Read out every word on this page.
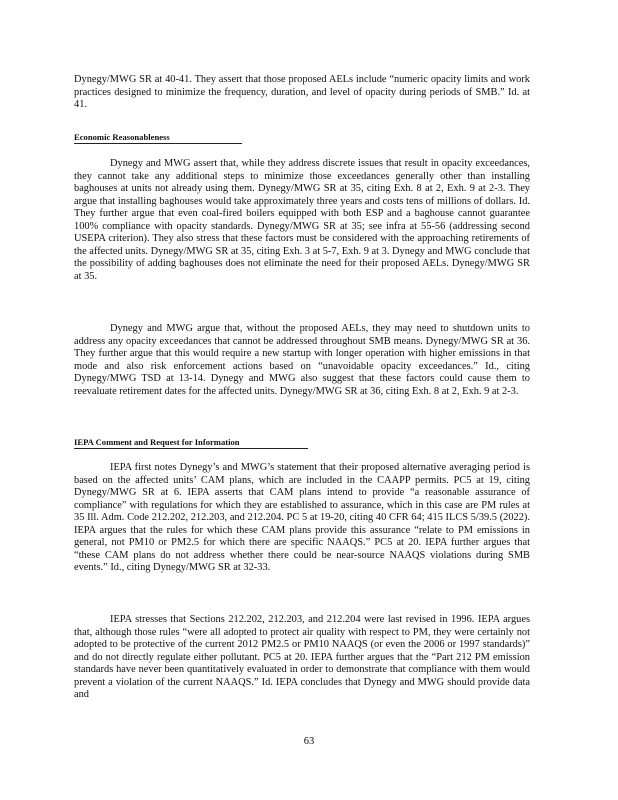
Dynegy/MWG SR at 40-41. They assert that those proposed AELs include “numeric opacity limits and work practices designed to minimize the frequency, duration, and level of opacity during periods of SMB.” Id. at 41.

Economic Reasonableness

Dynegy and MWG assert that, while they address discrete issues that result in opacity exceedances, they cannot take any additional steps to minimize those exceedances generally other than installing baghouses at units not already using them. Dynegy/MWG SR at 35, citing Exh. 8 at 2, Exh. 9 at 2-3. They argue that installing baghouses would take approximately three years and costs tens of millions of dollars. Id. They further argue that even coal-fired boilers equipped with both ESP and a baghouse cannot guarantee 100% compliance with opacity standards. Dynegy/MWG SR at 35; see infra at 55-56 (addressing second USEPA criterion). They also stress that these factors must be considered with the approaching retirements of the affected units. Dynegy/MWG SR at 35, citing Exh. 3 at 5-7, Exh. 9 at 3. Dynegy and MWG conclude that the possibility of adding baghouses does not eliminate the need for their proposed AELs. Dynegy/MWG SR at 35.

Dynegy and MWG argue that, without the proposed AELs, they may need to shutdown units to address any opacity exceedances that cannot be addressed throughout SMB means. Dynegy/MWG SR at 36. They further argue that this would require a new startup with longer operation with higher emissions in that mode and also risk enforcement actions based on “unavoidable opacity exceedances.” Id., citing Dynegy/MWG TSD at 13-14. Dynegy and MWG also suggest that these factors could cause them to reevaluate retirement dates for the affected units. Dynegy/MWG SR at 36, citing Exh. 8 at 2, Exh. 9 at 2-3.

IEPA Comment and Request for Information

IEPA first notes Dynegy’s and MWG’s statement that their proposed alternative averaging period is based on the affected units’ CAM plans, which are included in the CAAPP permits. PC5 at 19, citing Dynegy/MWG SR at 6. IEPA asserts that CAM plans intend to provide “a reasonable assurance of compliance” with regulations for which they are established to assurance, which in this case are PM rules at 35 Ill. Adm. Code 212.202, 212.203, and 212.204. PC 5 at 19-20, citing 40 CFR 64; 415 ILCS 5/39.5 (2022). IEPA argues that the rules for which these CAM plans provide this assurance “relate to PM emissions in general, not PM10 or PM2.5 for which there are specific NAAQS.” PC5 at 20. IEPA further argues that “these CAM plans do not address whether there could be near-source NAAQS violations during SMB events.” Id., citing Dynegy/MWG SR at 32-33.

IEPA stresses that Sections 212.202, 212.203, and 212.204 were last revised in 1996. IEPA argues that, although those rules “were all adopted to protect air quality with respect to PM, they were certainly not adopted to be protective of the current 2012 PM2.5 or PM10 NAAQS (or even the 2006 or 1997 standards)” and do not directly regulate either pollutant. PC5 at 20. IEPA further argues that the “Part 212 PM emission standards have never been quantitatively evaluated in order to demonstrate that compliance with them would prevent a violation of the current NAAQS.” Id. IEPA concludes that Dynegy and MWG should provide data and

63
